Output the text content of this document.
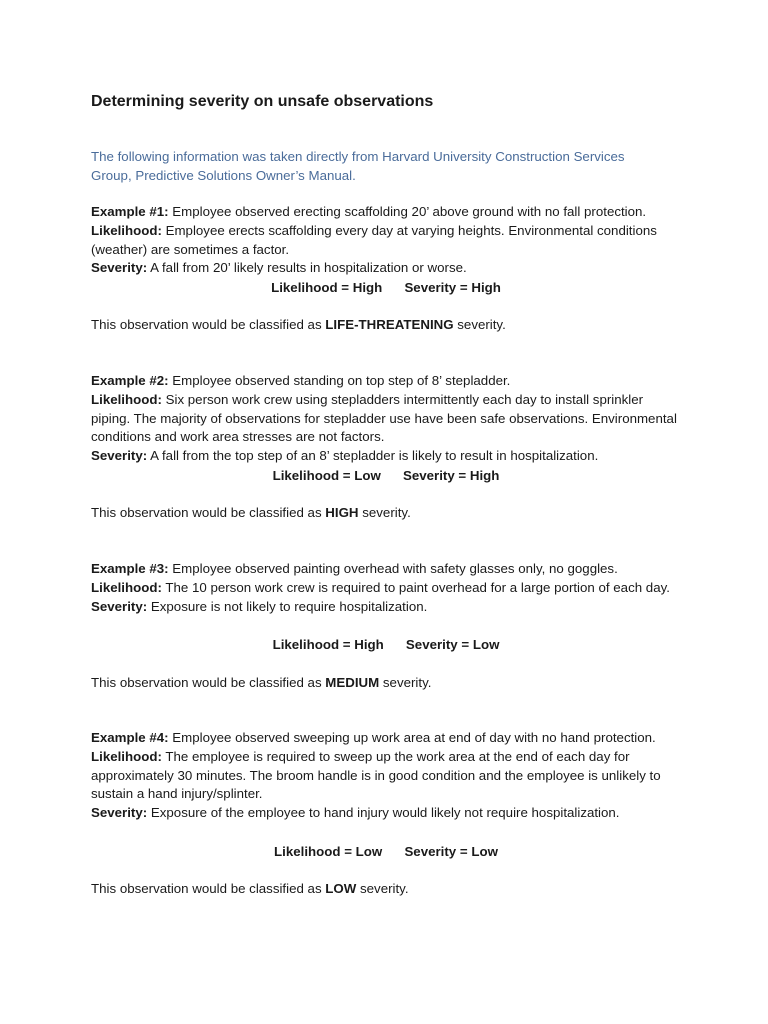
Determining severity on unsafe observations

The following information was taken directly from Harvard University Construction Services Group, Predictive Solutions Owner’s Manual.

Example #1: Employee observed erecting scaffolding 20’ above ground with no fall protection.

Likelihood: Employee erects scaffolding every day at varying heights. Environmental conditions (weather) are sometimes a factor.

Severity: A fall from 20’ likely results in hospitalization or worse.

Likelihood = High      Severity = High
This observation would be classified as LIFE-THREATENING severity.

Example #2: Employee observed standing on top step of 8’ stepladder.

Likelihood: Six person work crew using stepladders intermittently each day to install sprinkler piping. The majority of observations for stepladder use have been safe observations. Environmental conditions and work area stresses are not factors.

Severity: A fall from the top step of an 8’ stepladder is likely to result in hospitalization.

Likelihood = Low      Severity = High
This observation would be classified as HIGH severity.

Example #3: Employee observed painting overhead with safety glasses only, no goggles.

Likelihood: The 10 person work crew is required to paint overhead for a large portion of each day.

Severity: Exposure is not likely to require hospitalization.

Likelihood = High      Severity = Low
This observation would be classified as MEDIUM severity.

Example #4: Employee observed sweeping up work area at end of day with no hand protection.

Likelihood: The employee is required to sweep up the work area at the end of each day for approximately 30 minutes. The broom handle is in good condition and the employee is unlikely to sustain a hand injury/splinter.

Severity: Exposure of the employee to hand injury would likely not require hospitalization.

Likelihood = Low      Severity = Low
This observation would be classified as LOW severity.
